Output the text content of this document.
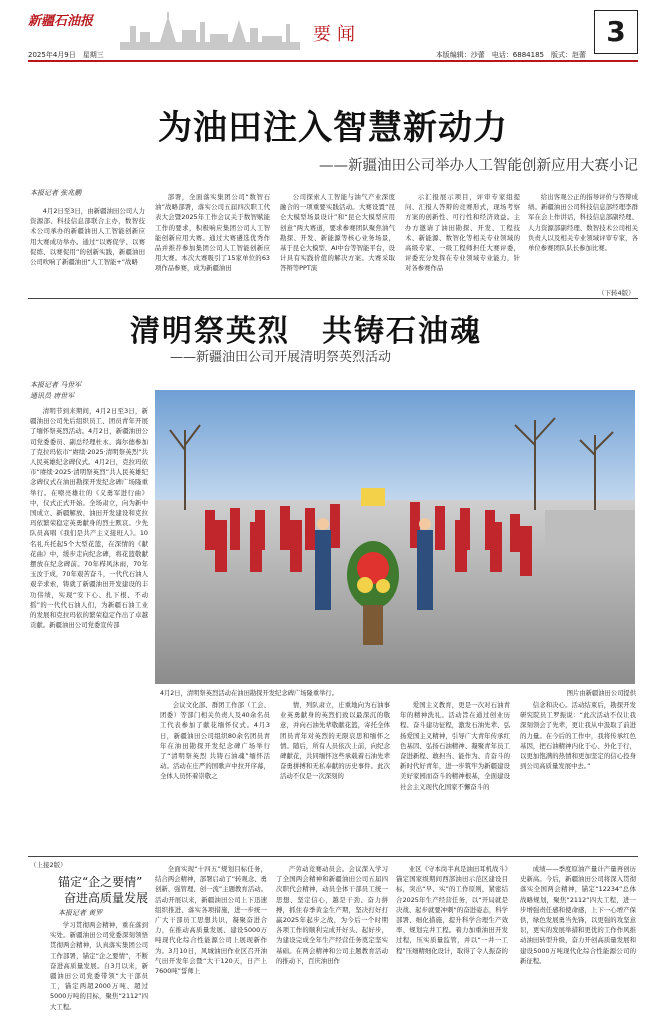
新疆石油报
要闻	3
2025年4月9日　星期三	本版编辑：沙蕾　电话：6884185　版式：赵蕾
为油田注入智慧新动力
——新疆油田公司举办人工智能创新应用大赛小记
本报记者 张兆鹏

4月2日至3日，由新疆油田公司人力资源部、科技信息部联合主办，数智技术公司承办的新疆油田人工智能创新应用大赛成功举办。通过“以赛促学、以赛促练、以赛促用”的创新实践，新疆油田公司吹响了新疆油田“人工智能+”战略

部署，全面落实集团公司“数智石油”战略部署，落实公司五届四次职工代表大会暨2025年工作会议关于数智赋能工作的要求，积极响应集团公司人工智能创新应用大赛。通过大赛遴选优秀作品并推荐参加集团公司人工智能创新应用大赛。本次大赛吸引了15家单位的63项作品参赛，成为新疆油田

公司探索人工智能与油气产业深度融合的一项重要实践活动。大赛设置“昆仑大模型场景设计”和“昆仑大模型应用创意”两大赛道，要求参赛团队聚焦油气勘探、开发、新能源等核心业务场景，基于昆仑大模型、AI中台等智能平台，设计具有实践价值的解决方案。大赛采取答辩等PPT演

示汇报展示项目，评审专家组提问、汇报人答辩的竞赛形式，现场考察方案的创新性、可行性和经济效益。主办方邀请了油田勘探、开发、工程技术、新能源、数智化等相关专业领域的高级专家、一级工程师担任大赛评委，评委充分发挥在专业领域专业能力，针对各参赛作品

给出客观公正的指导评价与答辩成绩。新疆油田公司科技信息部经理李群军在会上作讲话，科技信息部副经理、人力资源部副经理、数智技术公司相关负责人以及相关专业领域评审专家，各单位参赛团队队长参加比赛。

（下转4版）
清明祭英烈　共铸石油魂
——新疆油田公司开展清明祭英烈活动
本报记者 马世军
通讯员 唐世军

清明节到来期间，4月2日至3日，新疆油田公司先后组织员工、团员青年开展了缅怀祭英烈活动。4月2日，新疆油田公司党委委员、副总经理杜永、海尔德参加了克拉玛依市“赓续·2025·清明祭英烈”共人民英雄纪念碑仪式。4月2日，克拉玛依市“赓续·2025·清明祭英烈”共人民英雄纪念碑仪式在油田勘探开发纪念碑广场隆重举行。在嘹亮雄壮的《义勇军进行曲》中，仪式正式开始。全场肃立，向为新中国成立、新疆解放、油田开发建设和克拉玛依繁荣稳定英勇献身的烈士默哀。少先队员高唱《我们是共产主义接班人》。10名礼兵托起5个大型花篮，在深情的《献花曲》中，缓步走向纪念碑，将花篮敬献摆放在纪念碑前。70年栉风沐雨，70年玉汝于成，70年艰苦奋斗，一代代石油人艰辛求索，铸就了新疆油田开发建设的丰功伟绩，实现“安下心、扎下根、不动摇”的一代代石油人们，为新疆石油工业的发展和克拉玛依的繁荣稳定作出了卓越贡献。新疆油田公司党委宣传部

4月2日，清明祭英烈活动在油田勘探开发纪念碑广场隆重举行。	图片由新疆油田公司提供

会议文化部、群团工作部（工会、团委）等部门相关负责人及40余名员工代表参加了献花缅怀仪式。4月3日，新疆油田公司组织80余名团员青年在油田勘探开发纪念碑广场举行了“清明祭英烈 共铸石油魂”缅怀活动。活动在庄严的国歌声中拉开序幕，全体人员怀着崇敬之

情，列队肃立，庄重地向为石油事业英勇献身的英烈们致以最深沉的敬意，并向石油先辈敬献花篮，寄托全体团员青年对英烈的无限哀思和缅怀之情。随后，所有人员依次上前，向纪念碑献花，共同缅怀这些承载着石油先辈奋勇拼搏和无私奉献的历史事件。此次活动不仅是一次深刻的

爱国主义教育，更是一次对石油青年的精神洗礼。活动旨在通过创业历程、奋斗建功征程，激发石油先辈、弘扬爱国主义精神，引导广大青年传承红色基因、弘扬石油精神、凝聚青年员工奋进新程、敢担当、能作为、肯奋斗的新时代好青年，进一步筑牢为新疆建设美好家园而奋斗的精神根基，全面建设社会主义现代化国家不懈奋斗的

信念和决心。活动结束后，勘探开发研究院员工罗振说：“此次活动不仅让我深刻领会了先辈，更让我从中汲取了前进的力量。在今后的工作中，我将传承红色基因，把石油精神内化于心、外化于行，以更加饱满的热情和更加坚定的信心投身到公司高质量发展中去。”

（上接2版）
锚定“企之要情”
奋进高质量发展
本报记者 黄罗

学习贯彻两会精神，重在落到实处。新疆油田公司党委深刻领悟贯彻两会精神，认真落实集团公司工作部署，锚定“企之要情”，不断奋进高质量发展。自3月以来，新疆油田公司党委带领“大干部员工，锚定两超2000万吨、超过5000万吨的目标，聚焦“2112”四大工程。

全面实现“十四五”规划目标任务，结合两会精神，部署启动了“转观念、勇创新、强管理、创一流”主题教育活动。活动开展以来，新疆油田公司上下迅速组织推进、落实各项措施，进一步统一广大干部员工思想共识，凝聚奋进合力，在推动高质量发展、建设5000万吨现代化综合性能源公司上展现新作为。3月10日，风城油田作业区召开油气田开发年会暨“大干120天，日产上7600吨”誓师上

产劳动竞赛动员会。会议深入学习了全国两会精神和新疆油田公司五届四次职代会精神，动员全体干部员工统一思想、坚定信心，越是干劲、奋力拼搏，抓住春季黄金生产期，坚决打好打赢2025年起步之战，为今后一个时期各项工作的顺利完成开好头、起好步，为建设完成全年生产经营任务奠定坚实基础。在两会精神和公司主题教育活动的推动下，百庆油田作

业区《守本岗半真是油田耳机战斗》锚定国家级期间西部油田示范区建设目标，突出“早、实”的工作原则，紧密结合2025年生产经营任务，以“开局就是决战、起步就要冲刺”的奋进姿态，科学部署、细化措施，提升科学合理生产效率、规划完井工程。着力加重油田开发过程，压实质量监管，并以“一井一工程”压细精细化设计，取得了令人振奋的

成绩——季度原油产量计产量再创历史新高。今后，新疆油田公司将深入贯彻落实全国两会精神，锚定“12234”总体战略规划，聚焦“2112”四大工程，进一步增强责任感和使命感，上下一心增产保供，绿色发展勇当先锋，以更强的攻坚意识，更实的发展举措和更优的工作作风推动油田转型升级，奋力开创高质量发展和建设5000万吨现代化综合性能源公司的新征程。
